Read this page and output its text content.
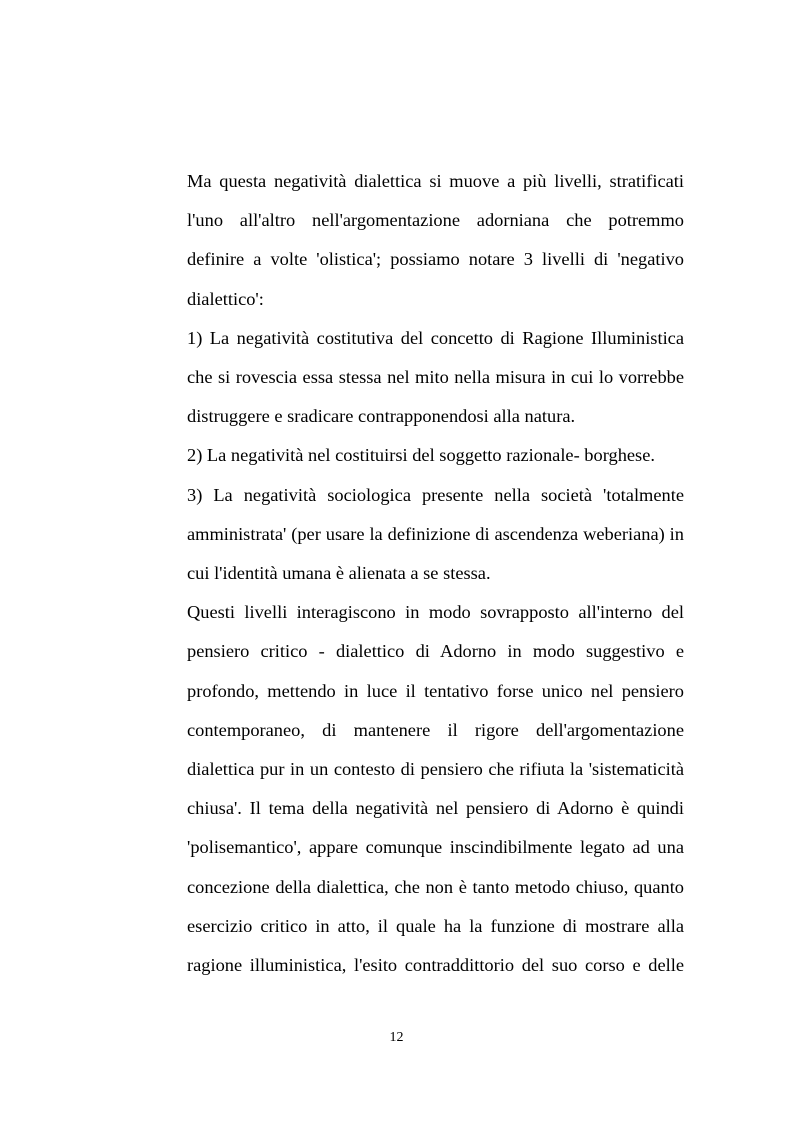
Ma questa negatività dialettica si muove a più livelli, stratificati l'uno all'altro nell'argomentazione adorniana che potremmo definire a volte 'olistica'; possiamo notare 3 livelli di 'negativo dialettico':

1) La negatività costitutiva del concetto di Ragione Illuministica che si rovescia essa stessa nel mito nella misura in cui lo vorrebbe distruggere e sradicare contrapponendosi alla natura.

2) La negatività nel costituirsi del soggetto razionale- borghese.

3) La negatività sociologica presente nella società 'totalmente amministrata' (per usare la definizione di ascendenza weberiana) in cui l'identità umana è alienata a se stessa.

Questi livelli interagiscono in modo sovrapposto all'interno del pensiero critico - dialettico di Adorno in modo suggestivo e profondo, mettendo in luce il tentativo forse unico nel pensiero contemporaneo, di mantenere il rigore dell'argomentazione dialettica pur in un contesto di pensiero che rifiuta la 'sistematicità chiusa'. Il tema della negatività nel pensiero di Adorno è quindi 'polisemantico', appare comunque inscindibilmente legato ad una concezione della dialettica, che non è tanto metodo chiuso, quanto esercizio critico in atto, il quale ha la funzione di mostrare alla ragione illuministica, l'esito contraddittorio del suo corso e delle

12
